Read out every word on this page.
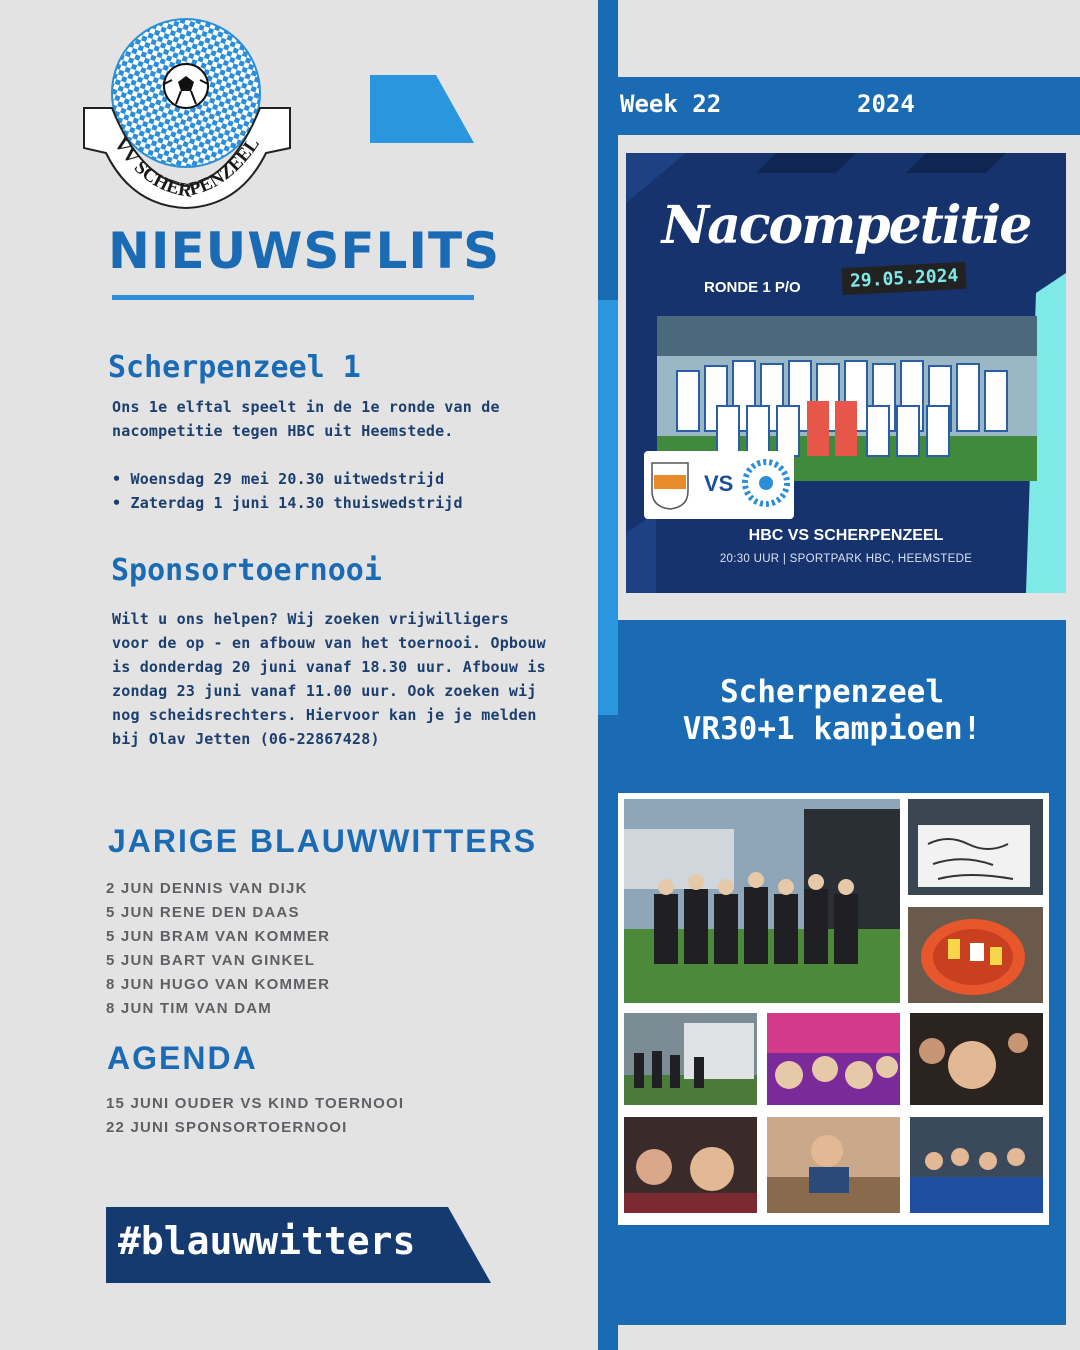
VV SCHERPENZEEL
NIEUWSFLITS
Scherpenzeel 1
Ons 1e elftal speelt in de 1e ronde van de nacompetitie tegen HBC uit Heemstede.
• Woensdag 29 mei 20.30 uitwedstrijd
• Zaterdag 1 juni 14.30 thuiswedstrijd
Sponsortoernooi
Wilt u ons helpen? Wij zoeken vrijwilligers voor de op - en afbouw van het toernooi. Opbouw is donderdag 20 juni vanaf 18.30 uur. Afbouw is zondag 23 juni vanaf 11.00 uur. Ook zoeken wij nog scheidsrechters. Hiervoor kan je je melden bij Olav Jetten (06-22867428)
JARIGE BLAUWWITTERS
2 JUN DENNIS VAN DIJK
5 JUN RENE DEN DAAS
5 JUN BRAM VAN KOMMER
5 JUN BART VAN GINKEL
8 JUN HUGO VAN KOMMER
8 JUN TIM VAN DAM
AGENDA
15 JUNI OUDER VS KIND TOERNOOI
22 JUNI SPONSORTOERNOOI
#blauwwitters
Week 22	2024
Nacompetitie
RONDE 1 P/O	29.05.2024
VS
HBC VS SCHERPENZEEL
20:30 UUR | SPORTPARK HBC, HEEMSTEDE
Scherpenzeel
VR30+1 kampioen!
